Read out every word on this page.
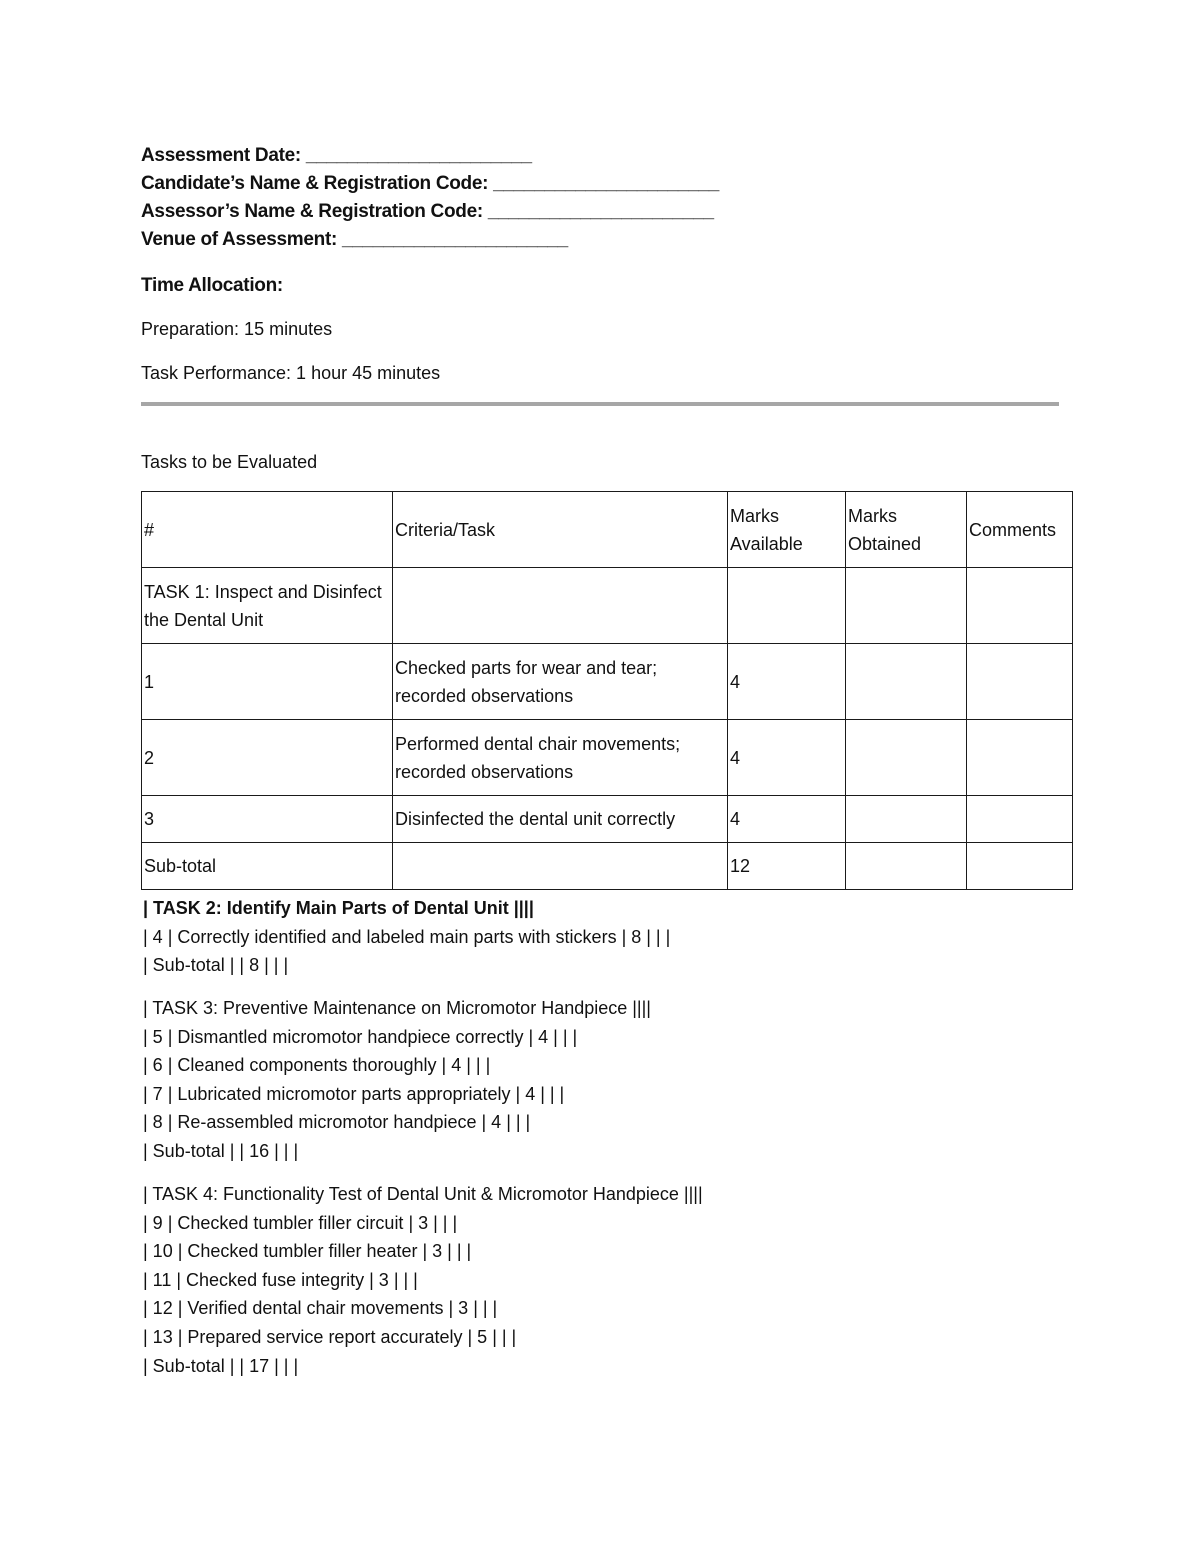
Assessment Date: ______________________
Candidate’s Name & Registration Code: ______________________
Assessor’s Name & Registration Code: ______________________
Venue of Assessment: ______________________
Time Allocation:
Preparation: 15 minutes
Task Performance: 1 hour 45 minutes
Tasks to be Evaluated
#	Criteria/Task	Marks Available	Marks Obtained	Comments
TASK 1: Inspect and Disinfect the Dental Unit				
1	Checked parts for wear and tear; recorded observations	4		
2	Performed dental chair movements; recorded observations	4		
3	Disinfected the dental unit correctly	4		
Sub-total		12		
| TASK 2: Identify Main Parts of Dental Unit ||||
| 4 | Correctly identified and labeled main parts with stickers | 8 | | |
| Sub-total | | 8 | | |
| TASK 3: Preventive Maintenance on Micromotor Handpiece ||||
| 5 | Dismantled micromotor handpiece correctly | 4 | | |
| 6 | Cleaned components thoroughly | 4 | | |
| 7 | Lubricated micromotor parts appropriately | 4 | | |
| 8 | Re-assembled micromotor handpiece | 4 | | |
| Sub-total | | 16 | | |
| TASK 4: Functionality Test of Dental Unit & Micromotor Handpiece ||||
| 9 | Checked tumbler filler circuit | 3 | | |
| 10 | Checked tumbler filler heater | 3 | | |
| 11 | Checked fuse integrity | 3 | | |
| 12 | Verified dental chair movements | 3 | | |
| 13 | Prepared service report accurately | 5 | | |
| Sub-total | | 17 | | |
